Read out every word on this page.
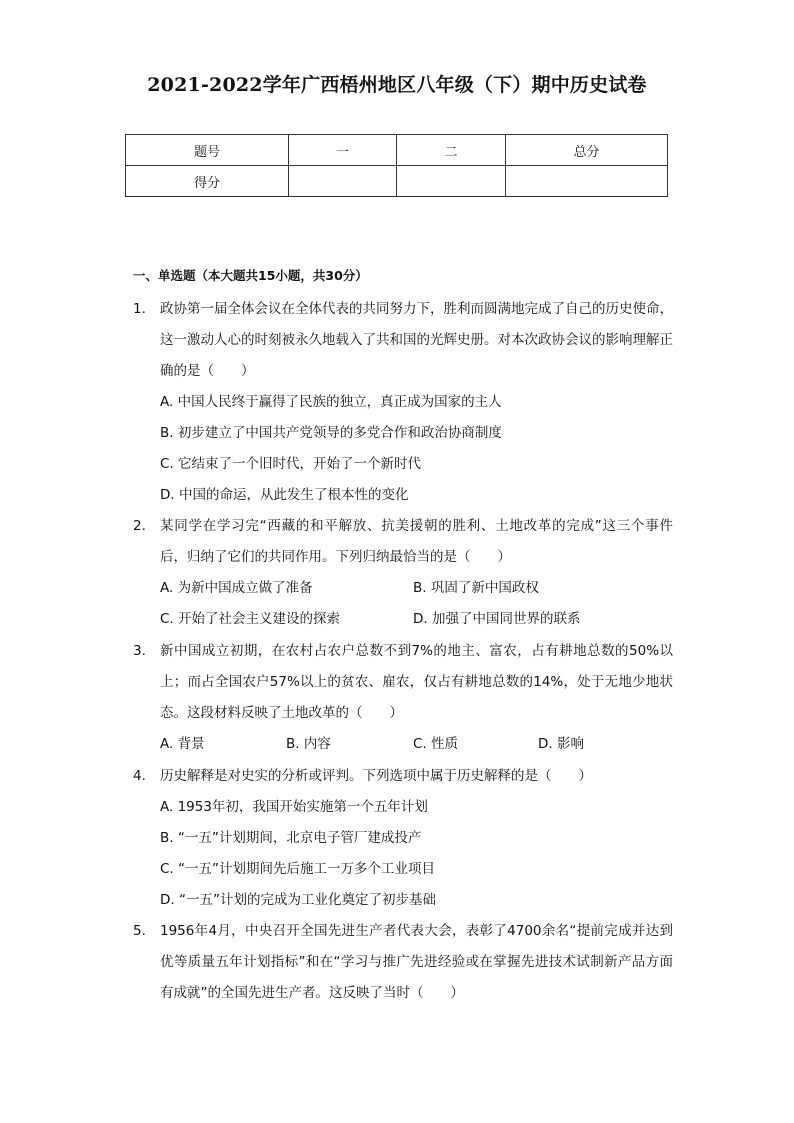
2021-2022学年广西梧州地区八年级（下）期中历史试卷
题号	一	二	总分
得分			
一、单选题（本大题共15小题，共30分）
1. 政协第一届全体会议在全体代表的共同努力下，胜利而圆满地完成了自己的历史使命，这一激动人心的时刻被永久地载入了共和国的光辉史册。对本次政协会议的影响理解正确的是（　　）
A. 中国人民终于赢得了民族的独立，真正成为国家的主人
B. 初步建立了中国共产党领导的多党合作和政治协商制度
C. 它结束了一个旧时代，开始了一个新时代
D. 中国的命运，从此发生了根本性的变化
2. 某同学在学习完“西藏的和平解放、抗美援朝的胜利、土地改革的完成”这三个事件后，归纳了它们的共同作用。下列归纳最恰当的是（　　）
A. 为新中国成立做了准备	B. 巩固了新中国政权
C. 开始了社会主义建设的探索	D. 加强了中国同世界的联系
3. 新中国成立初期，在农村占农户总数不到7%的地主、富农，占有耕地总数的50%以上；而占全国农户57%以上的贫农、雇农，仅占有耕地总数的14%，处于无地少地状态。这段材料反映了土地改革的（　　）
A. 背景	B. 内容	C. 性质	D. 影响
4. 历史解释是对史实的分析或评判。下列选项中属于历史解释的是（　　）
A. 1953年初，我国开始实施第一个五年计划
B. “一五”计划期间，北京电子管厂建成投产
C. “一五”计划期间先后施工一万多个工业项目
D. “一五”计划的完成为工业化奠定了初步基础
5. 1956年4月，中央召开全国先进生产者代表大会，表彰了4700余名“提前完成并达到优等质量五年计划指标”和在“学习与推广先进经验或在掌握先进技术试制新产品方面有成就”的全国先进生产者。这反映了当时（　　）
